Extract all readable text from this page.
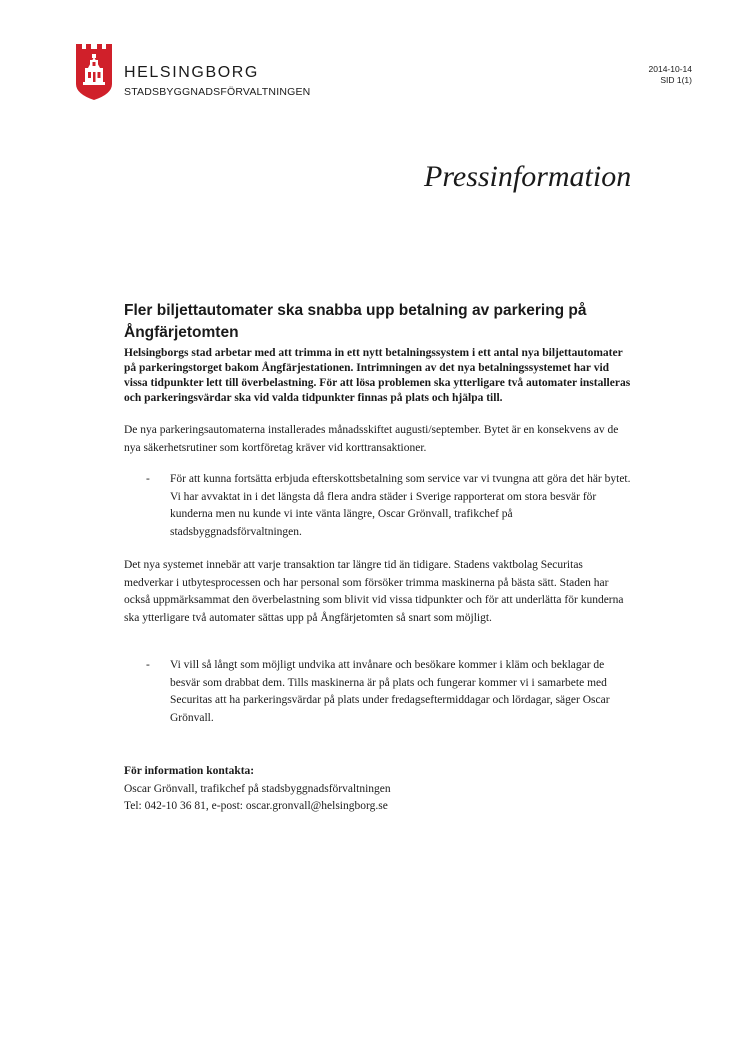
HELSINGBORG
STADSBYGGNADSFÖRVALTNINGEN
2014-10-14
SID 1(1)
Pressinformation
Fler biljettautomater ska snabba upp betalning av parkering på Ångfärjetomten

Helsingborgs stad arbetar med att trimma in ett nytt betalningssystem i ett antal nya biljettautomater på parkeringstorget bakom Ångfärjestationen. Intrimningen av det nya betalningssystemet har vid vissa tidpunkter lett till överbelastning. För att lösa problemen ska ytterligare två automater installeras och parkeringsvärdar ska vid valda tidpunkter finnas på plats och hjälpa till.

De nya parkeringsautomaterna installerades månadsskiftet augusti/september. Bytet är en konsekvens av de nya säkerhetsrutiner som kortföretag kräver vid korttransaktioner.

- För att kunna fortsätta erbjuda efterskottsbetalning som service var vi tvungna att göra det här bytet. Vi har avvaktat in i det längsta då flera andra städer i Sverige rapporterat om stora besvär för kunderna men nu kunde vi inte vänta längre, Oscar Grönvall, trafikchef på stadsbyggnadsförvaltningen.

Det nya systemet innebär att varje transaktion tar längre tid än tidigare. Stadens vaktbolag Securitas medverkar i utbytesprocessen och har personal som försöker trimma maskinerna på bästa sätt. Staden har också uppmärksammat den överbelastning som blivit vid vissa tidpunkter och för att underlätta för kunderna ska ytterligare två automater sättas upp på Ångfärjetomten så snart som möjligt.

- Vi vill så långt som möjligt undvika att invånare och besökare kommer i kläm och beklagar de besvär som drabbat dem. Tills maskinerna är på plats och fungerar kommer vi i samarbete med Securitas att ha parkeringsvärdar på plats under fredagseftermiddagar och lördagar, säger Oscar Grönvall.
För information kontakta:
Oscar Grönvall, trafikchef på stadsbyggnadsförvaltningen
Tel: 042-10 36 81, e-post: oscar.gronvall@helsingborg.se
